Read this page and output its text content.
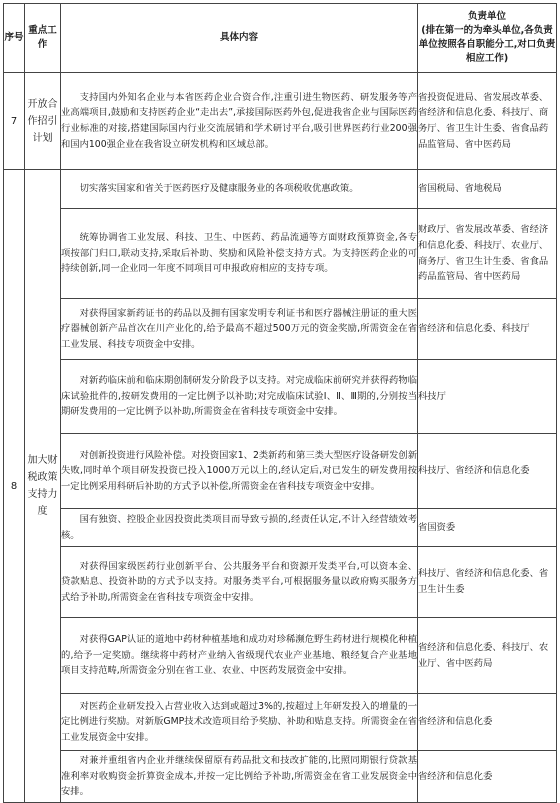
序号	重点工作	具体内容	负责单位
(排在第一的为牵头单位,各负责单位按照各自职能分工,对口负责相应工作)

7	开放合作招引计划	支持国内外知名企业与本省医药企业合资合作,注重引进生物医药、研发服务等产业高端项目,鼓励和支持医药企业“走出去”,承接国际医药外包,促进我省企业与国际医药行业标准的对接,搭建国际国内行业交流展销和学术研讨平台,吸引世界医药行业200强和国内100强企业在我省设立研发机构和区域总部。	省投资促进局、省发展改革委、省经济和信息化委、科技厅、商务厅、省卫生计生委、省食品药品监管局、省中医药局
8	加大财税政策支持力度	切实落实国家和省关于医药医疗及健康服务业的各项税收优惠政策。	省国税局、省地税局

		统筹协调省工业发展、科技、卫生、中医药、药品流通等方面财政预算资金,各专项按部门归口,联动支持,采取后补助、奖励和风险补偿支持方式。为支持医药企业的可持续创新,同一企业同一年度不同项目可申报政府相应的支持专项。	财政厅、省发展改革委、省经济和信息化委、科技厅、农业厅、商务厅、省卫生计生委、省食品药品监管局、省中医药局

		对获得国家新药证书的药品以及拥有国家发明专利证书和医疗器械注册证的重大医疗器械创新产品首次在川产业化的,给予最高不超过500万元的资金奖励,所需资金在省工业发展、科技专项资金中安排。	省经济和信息化委、科技厅

		对新药临床前和临床期创制研发分阶段予以支持。对完成临床前研究并获得药物临床试验批件的,按研发费用的一定比例予以补助;对完成临床试验Ⅰ、Ⅱ、Ⅲ期的,分别按当期研发费用的一定比例予以补助,所需资金在省科技专项资金中安排。	科技厅

		对创新投资进行风险补偿。对投资国家1、2类新药和第三类大型医疗设备研发创新失败,同时单个项目研发投资已投入1000万元以上的,经认定后,对已发生的研发费用按一定比例采用科研后补助的方式予以补偿,所需资金在省科技专项资金中安排。	科技厅、省经济和信息化委

		国有独资、控股企业因投资此类项目而导致亏损的,经责任认定,不计入经营绩效考核。	省国资委

		对获得国家级医药行业创新平台、公共服务平台和资源开发类平台,可以资本金、贷款贴息、投资补助的方式予以支持。对服务类平台,可根据服务量以政府购买服务方式给予补助,所需资金在省科技专项资金中安排。	科技厅、省经济和信息化委、省卫生计生委

		对获得GAP认证的道地中药材种植基地和成功对珍稀濒危野生药材进行规模化种植的,给予一定奖励。继续将中药材产业纳入省级现代农业产业基地、粮经复合产业基地项目支持范畴,所需资金分别在省工业、农业、中医药发展资金中安排。	省经济和信息化委、科技厅、农业厅、省中医药局

		对医药企业研发投入占营业收入达到或超过3%的,按超过上年研发投入的增量的一定比例进行奖励。对新版GMP技术改造项目给予奖励、补助和贴息支持。所需资金在省工业发展资金中安排。	省经济和信息化委

		对兼并重组省内企业并继续保留原有药品批文和技改扩能的,比照同期银行贷款基准利率对收购资金折算资金成本,并按一定比例给予补助,所需资金在省工业发展资金中安排。	省经济和信息化委
